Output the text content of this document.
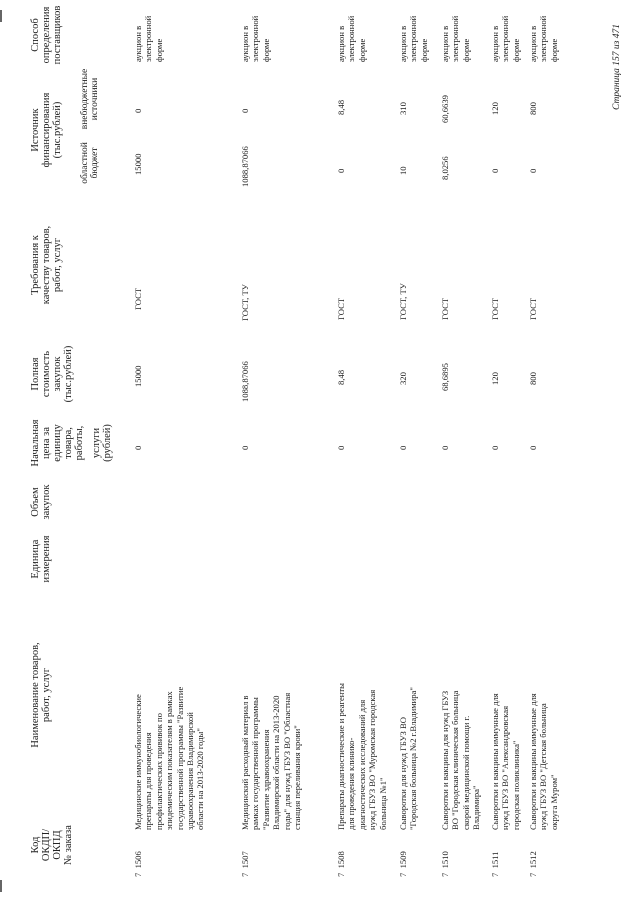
Код ОКДП/ ОКПД № заказа
Наименование товаров, работ, услуг
Единица измерения
Объем закупок
Начальная цена за единицу товара, работы, услуги (рублей)
Полная стоимость закупок (тыс.рублей)
Требования к качеству товаров, работ, услуг
Источник финансирования (тыс.рублей)
областной бюджет
внебюджетные источники
Способ определения поставщиков
7  1506
Медицинские иммунобиологические препараты для проведения профилактических прививок по эпидемическим показателям в рамках государственной программы "Развитие здравоохранения Владимирской области на 2013-2020 годы"
0
15000
ГОСТ
15000
0
аукцион в электронной форме
7  1507
Медицинский расходный материал в рамках государственной программы "Развитие здравоохранения Владимирской области на 2013-2020 годы" для нужд ГБУЗ ВО "Областная станция переливания крови"
0
1088,87066
ГОСТ, ТУ
1088,87066
0
аукцион в электронной форме
7  1508
Препараты диагностические и реагенты для проведения клинико- диагностических исследований для нужд ГБУЗ ВО "Муромская городская больница №1"
0
8,48
ГОСТ
0
8,48
аукцион в электронной форме
7  1509
Сыворотки для нужд ГБУЗ ВО "Городская больница №2 г.Владимира"
0
320
ГОСТ, ТУ
10
310
аукцион в электронной форме
7  1510
Сыворотки и вакцины для нужд ГБУЗ ВО "Городская клиническая больница скорой медицинской помощи г. Владимира"
0
68,6895
ГОСТ
8,0256
60,6639
аукцион в электронной форме
7  1511
Сыворотки и вакцины иммунные для нужд ГБУЗ ВО "Александровская городская поликлиника"
0
120
ГОСТ
0
120
аукцион в электронной форме
7  1512
Сыворотки и вакцины иммунные для нужд ГБУЗ ВО "Детская больница округа Муром"
0
800
ГОСТ
0
800
аукцион в электронной форме	Страница 157 из 471
